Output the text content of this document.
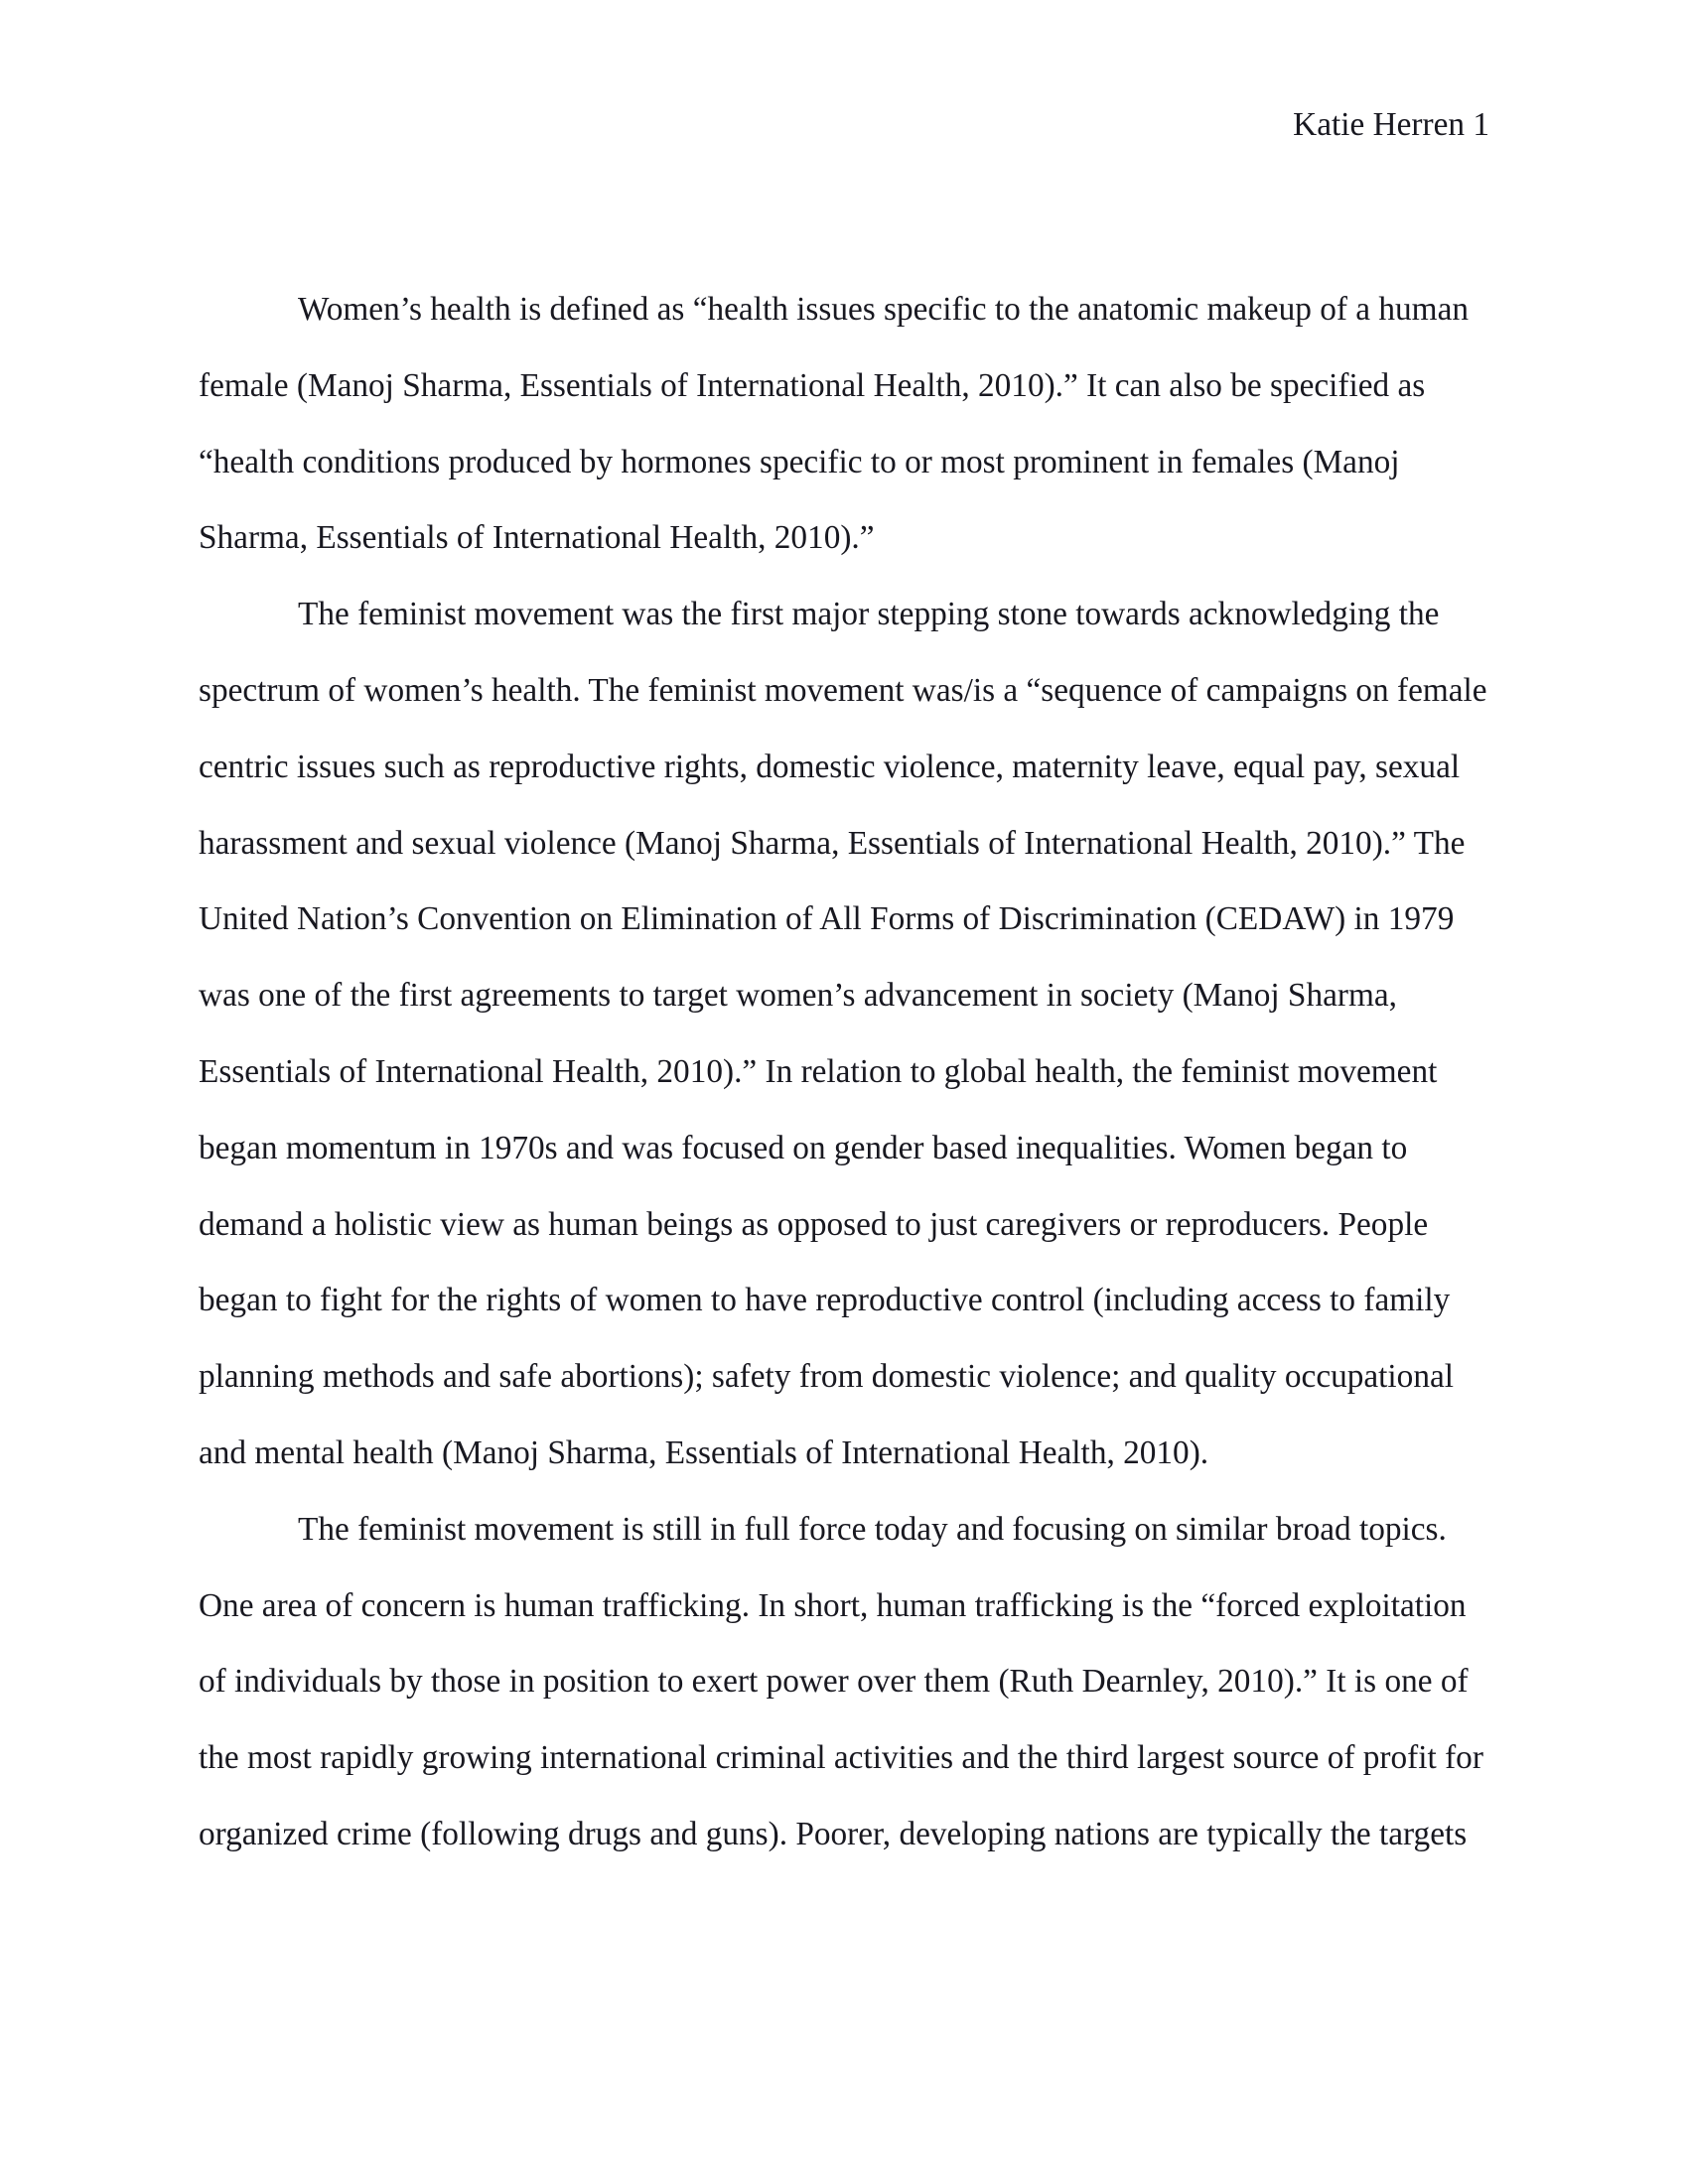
Katie Herren 1

Women’s health is defined as “health issues specific to the anatomic makeup of a human female (Manoj Sharma, Essentials of International Health, 2010).” It can also be specified as “health conditions produced by hormones specific to or most prominent in females (Manoj Sharma, Essentials of International Health, 2010).”

The feminist movement was the first major stepping stone towards acknowledging the spectrum of women’s health. The feminist movement was/is a “sequence of campaigns on female centric issues such as reproductive rights, domestic violence, maternity leave, equal pay, sexual harassment and sexual violence (Manoj Sharma, Essentials of International Health, 2010).” The United Nation’s Convention on Elimination of All Forms of Discrimination (CEDAW) in 1979 was one of the first agreements to target women’s advancement in society (Manoj Sharma, Essentials of International Health, 2010).” In relation to global health, the feminist movement began momentum in 1970s and was focused on gender based inequalities. Women began to demand a holistic view as human beings as opposed to just caregivers or reproducers. People began to fight for the rights of women to have reproductive control (including access to family planning methods and safe abortions); safety from domestic violence; and quality occupational and mental health (Manoj Sharma, Essentials of International Health, 2010).

The feminist movement is still in full force today and focusing on similar broad topics. One area of concern is human trafficking. In short, human trafficking is the “forced exploitation of individuals by those in position to exert power over them (Ruth Dearnley, 2010).” It is one of the most rapidly growing international criminal activities and the third largest source of profit for organized crime (following drugs and guns). Poorer, developing nations are typically the targets
